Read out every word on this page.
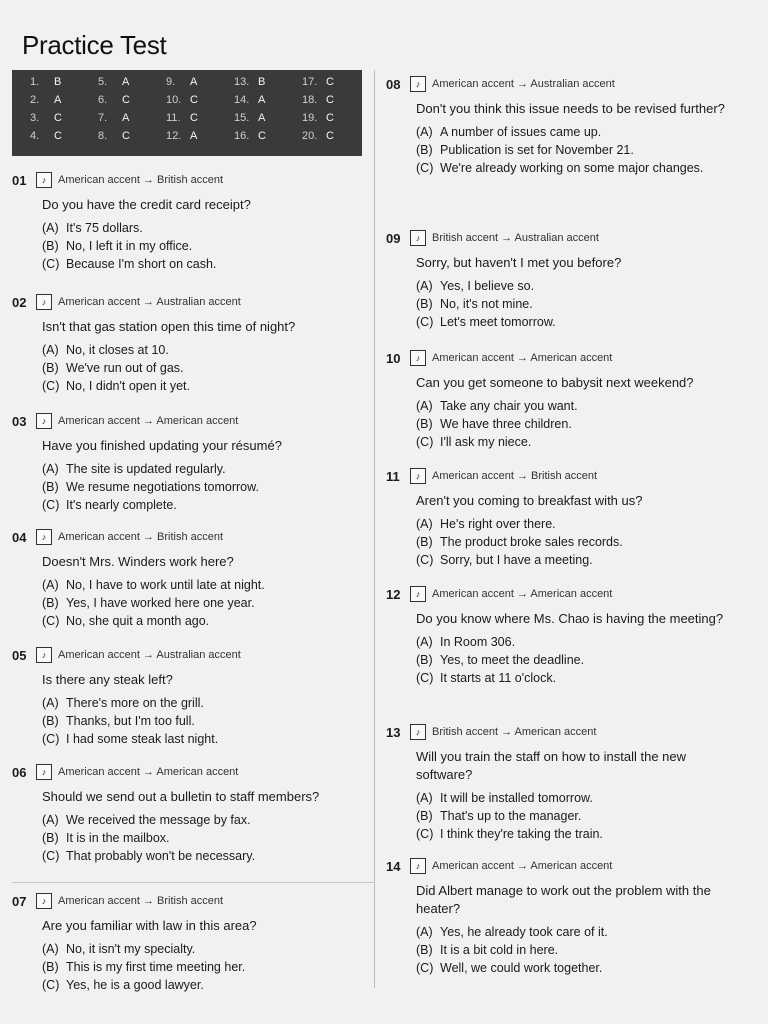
Practice Test
1.	B
2.	A
3.	C
4.	C
5.	A
6.	C
7.	A
8.	C
9.	A
10. C
11. C
12. A
13. B
14. A
15. A
16. C
17. C
18. C
19. C
20. C
01	♪	American accent → British accent
Do you have the credit card receipt?
(A) It's 75 dollars.
(B) No, I left it in my office.
(C) Because I'm short on cash.
02	♪	American accent → Australian accent
Isn't that gas station open this time of night?
(A) No, it closes at 10.
(B) We've run out of gas.
(C) No, I didn't open it yet.
03	♪	American accent → American accent
Have you finished updating your résumé?
(A) The site is updated regularly.
(B) We resume negotiations tomorrow.
(C) It's nearly complete.
04	♪	American accent → British accent
Doesn't Mrs. Winders work here?
(A) No, I have to work until late at night.
(B) Yes, I have worked here one year.
(C) No, she quit a month ago.
05	♪	American accent → Australian accent
Is there any steak left?
(A) There's more on the grill.
(B) Thanks, but I'm too full.
(C) I had some steak last night.
06	♪	American accent → American accent
Should we send out a bulletin to staff members?
(A) We received the message by fax.
(B) It is in the mailbox.
(C) That probably won't be necessary.
07	♪	American accent → British accent
Are you familiar with law in this area?
(A) No, it isn't my specialty.
(B) This is my first time meeting her.
(C) Yes, he is a good lawyer.
08	♪	American accent → Australian accent
Don't you think this issue needs to be revised further?
(A) A number of issues came up.
(B) Publication is set for November 21.
(C) We're already working on some major changes.
09	♪	British accent → Australian accent
Sorry, but haven't I met you before?
(A) Yes, I believe so.
(B) No, it's not mine.
(C) Let's meet tomorrow.
10	♪	American accent → American accent
Can you get someone to babysit next weekend?
(A) Take any chair you want.
(B) We have three children.
(C) I'll ask my niece.
11	♪	American accent → British accent
Aren't you coming to breakfast with us?
(A) He's right over there.
(B) The product broke sales records.
(C) Sorry, but I have a meeting.
12	♪	American accent → American accent
Do you know where Ms. Chao is having the meeting?
(A) In Room 306.
(B) Yes, to meet the deadline.
(C) It starts at 11 o'clock.
13	♪	British accent → American accent
Will you train the staff on how to install the new software?
(A) It will be installed tomorrow.
(B) That's up to the manager.
(C) I think they're taking the train.
14	♪	American accent → American accent
Did Albert manage to work out the problem with the heater?
(A) Yes, he already took care of it.
(B) It is a bit cold in here.
(C) Well, we could work together.
